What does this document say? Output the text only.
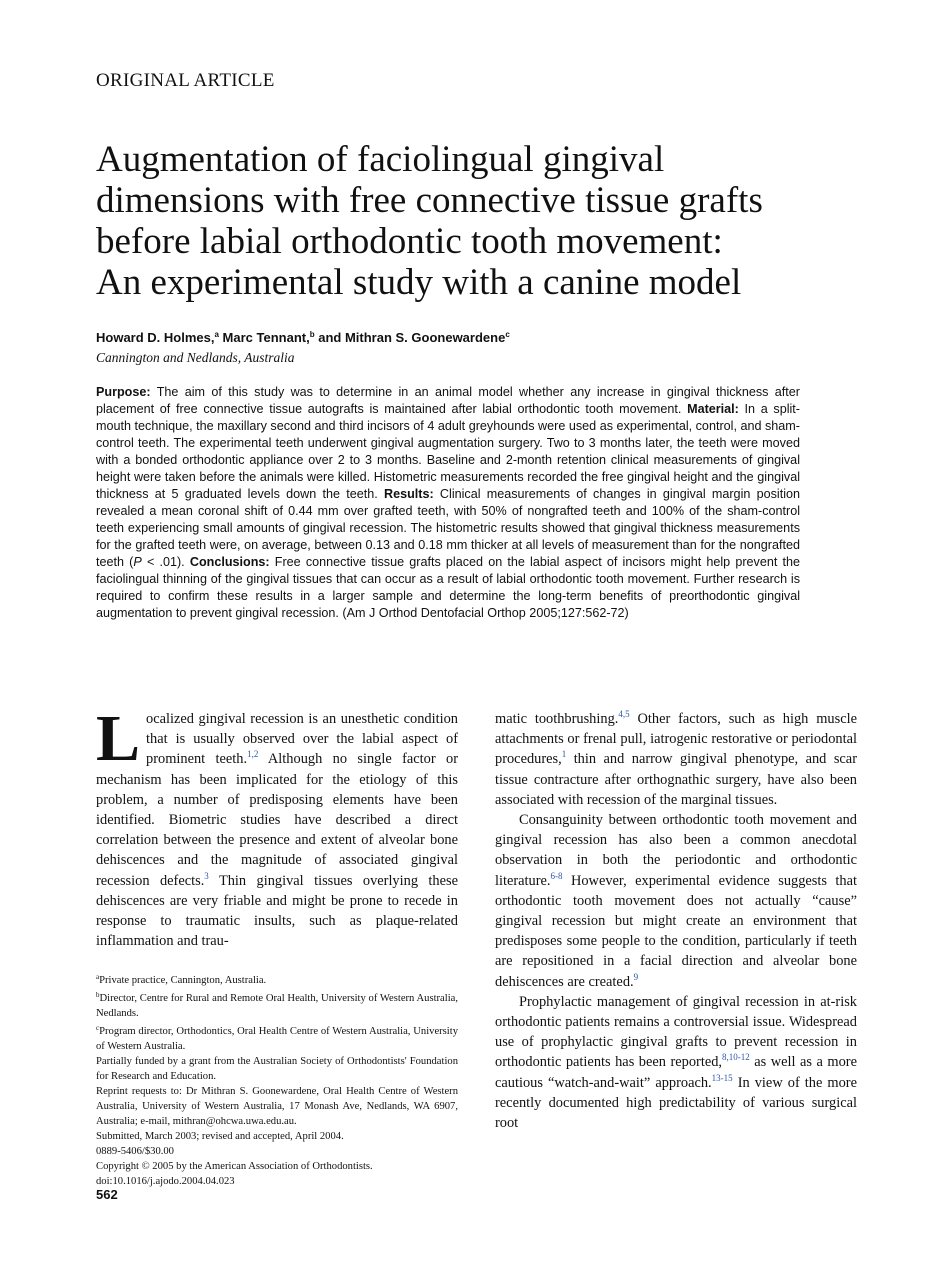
ORIGINAL ARTICLE
Augmentation of faciolingual gingival
dimensions with free connective tissue grafts
before labial orthodontic tooth movement:
An experimental study with a canine model
Howard D. Holmes,$^a$ Marc Tennant,$^b$ and Mithran S. Goonewardene$^c$
Cannington and Nedlands, Australia

Purpose: The aim of this study was to determine in an animal model whether any increase in gingival thickness after placement of free connective tissue autografts is maintained after labial orthodontic tooth movement. Material: In a split-mouth technique, the maxillary second and third incisors of 4 adult greyhounds were used as experimental, control, and sham-control teeth. The experimental teeth underwent gingival augmentation surgery. Two to 3 months later, the teeth were moved with a bonded orthodontic appliance over 2 to 3 months. Baseline and 2-month retention clinical measurements of gingival height were taken before the animals were killed. Histometric measurements recorded the free gingival height and the gingival thickness at 5 graduated levels down the teeth. Results: Clinical measurements of changes in gingival margin position revealed a mean coronal shift of 0.44 mm over grafted teeth, with 50% of nongrafted teeth and 100% of the sham-control teeth experiencing small amounts of gingival recession. The histometric results showed that gingival thickness measurements for the grafted teeth were, on average, between 0.13 and 0.18 mm thicker at all levels of measurement than for the nongrafted teeth (P < .01). Conclusions: Free connective tissue grafts placed on the labial aspect of incisors might help prevent the faciolingual thinning of the gingival tissues that can occur as a result of labial orthodontic tooth movement. Further research is required to confirm these results in a larger sample and determine the long-term benefits of preorthodontic gingival augmentation to prevent gingival recession. (Am J Orthod Dentofacial Orthop 2005;127:562-72)

Localized gingival recession is an unesthetic condition that is usually observed over the labial aspect of prominent teeth.$^{1,2}$ Although no single factor or mechanism has been implicated for the etiology of this problem, a number of predisposing elements have been identified. Biometric studies have described a direct correlation between the presence and extent of alveolar bone dehiscences and the magnitude of associated gingival recession defects.$^3$ Thin gingival tissues overlying these dehiscences are very friable and might be prone to recede in response to traumatic insults, such as plaque-related inflammation and trau-

$^a$Private practice, Cannington, Australia.
$^b$Director, Centre for Rural and Remote Oral Health, University of Western Australia, Nedlands.
$^c$Program director, Orthodontics, Oral Health Centre of Western Australia, University of Western Australia.
Partially funded by a grant from the Australian Society of Orthodontists' Foundation for Research and Education.
Reprint requests to: Dr Mithran S. Goonewardene, Oral Health Centre of Western Australia, University of Western Australia, 17 Monash Ave, Nedlands, WA 6907, Australia; e-mail, mithran@ohcwa.uwa.edu.au.
Submitted, March 2003; revised and accepted, April 2004.
0889-5406/$30.00
Copyright © 2005 by the American Association of Orthodontists.
doi:10.1016/j.ajodo.2004.04.023

matic toothbrushing.$^{4,5}$ Other factors, such as high muscle attachments or frenal pull, iatrogenic restorative or periodontal procedures,$^1$ thin and narrow gingival phenotype, and scar tissue contracture after orthognathic surgery, have also been associated with recession of the marginal tissues.

Consanguinity between orthodontic tooth movement and gingival recession has also been a common anecdotal observation in both the periodontic and orthodontic literature.$^{6-8}$ However, experimental evidence suggests that orthodontic tooth movement does not actually “cause” gingival recession but might create an environment that predisposes some people to the condition, particularly if teeth are repositioned in a facial direction and alveolar bone dehiscences are created.$^9$

Prophylactic management of gingival recession in at-risk orthodontic patients remains a controversial issue. Widespread use of prophylactic gingival grafts to prevent recession in orthodontic patients has been reported,$^{8,10-12}$ as well as a more cautious “watch-and-wait” approach.$^{13-15}$ In view of the more recently documented high predictability of various surgical root

562
